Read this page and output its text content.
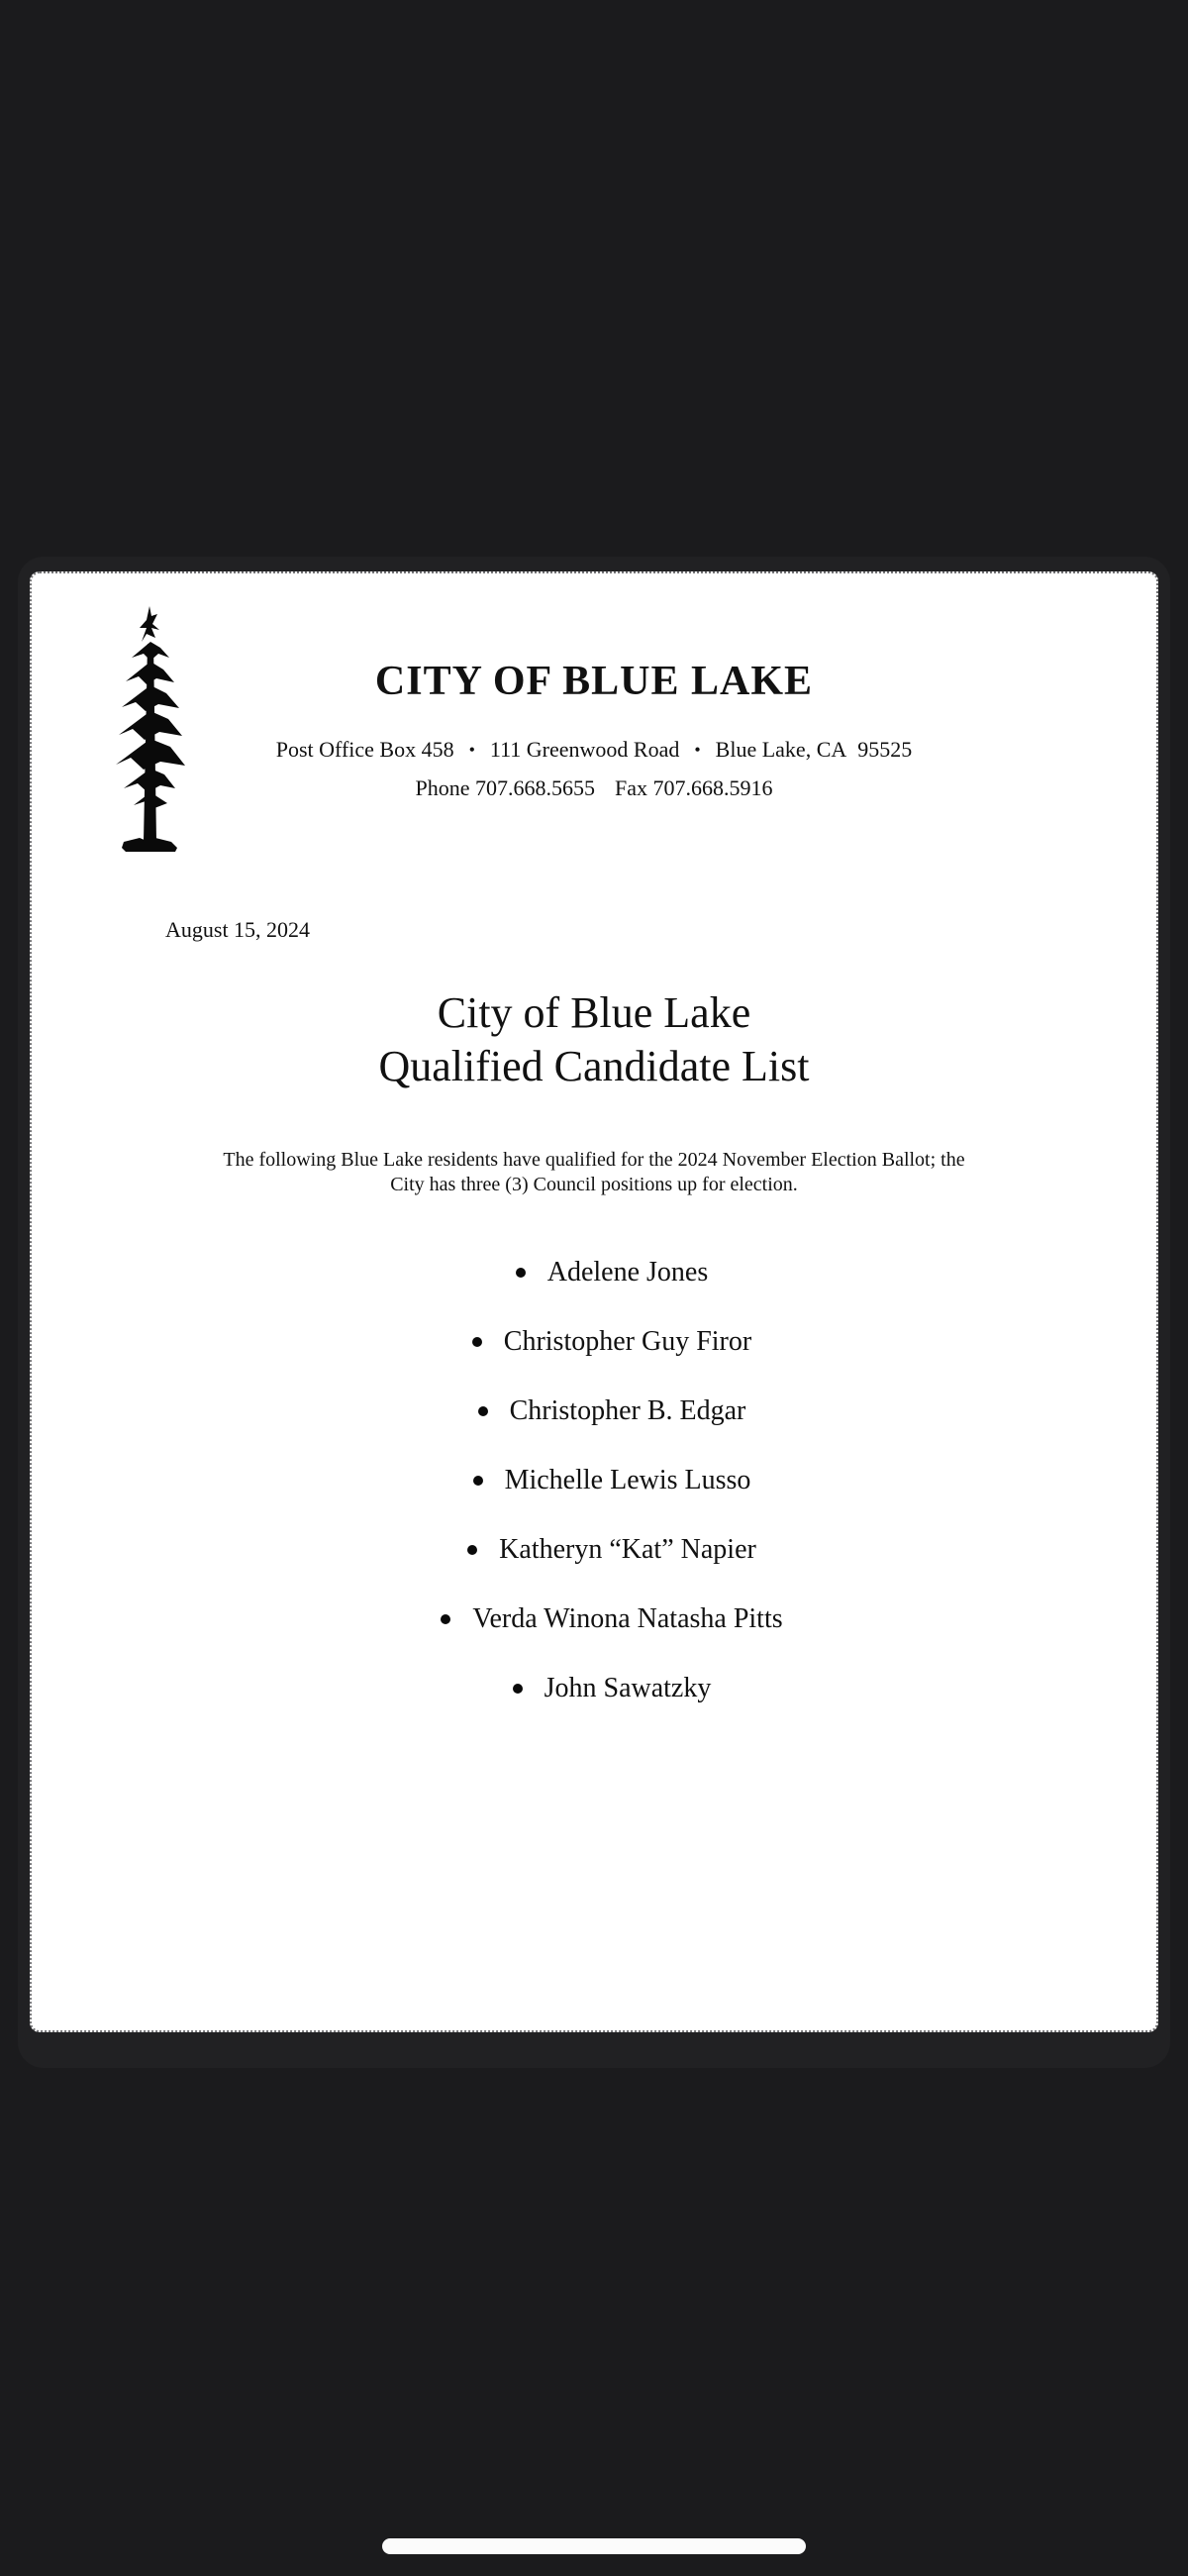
CITY OF BLUE LAKE
Post Office Box 458 • 111 Greenwood Road • Blue Lake, CA  95525
Phone 707.668.5655 Fax 707.668.5916
August 15, 2024
City of Blue Lake
Qualified Candidate List
The following Blue Lake residents have qualified for the 2024 November Election Ballot; the
City has three (3) Council positions up for election.
Adelene Jones
Christopher Guy Firor
Christopher B. Edgar
Michelle Lewis Lusso
Katheryn “Kat” Napier
Verda Winona Natasha Pitts
John Sawatzky
